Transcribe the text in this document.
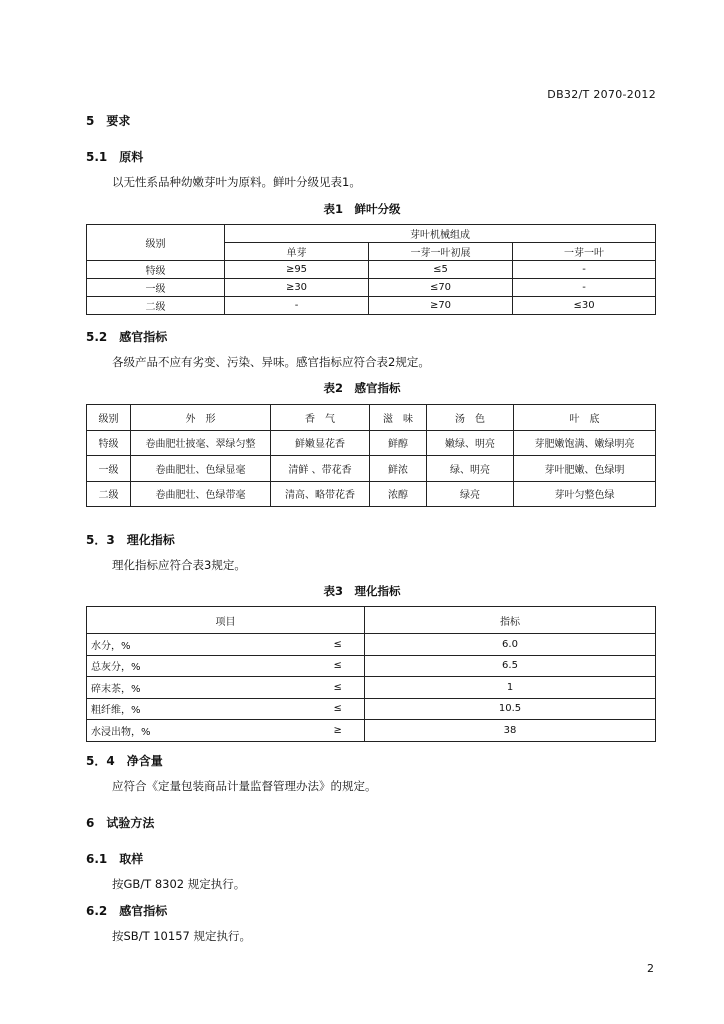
DB32/T 2070-2012
5　要求
5.1　原料
以无性系品种幼嫩芽叶为原料。鲜叶分级见表1。
表1　鲜叶分级
级别	芽叶机械组成		
	单芽	一芽一叶初展	一芽一叶
特级	≥95	≤5	-
一级	≥30	≤70	-
二级	-	≥70	≤30
5.2　感官指标
各级产品不应有劣变、污染、异味。感官指标应符合表2规定。
表2　感官指标
级别	外　形	香　气	滋　味	汤　色	叶　底
特级	卷曲肥壮披毫、翠绿匀整	鲜嫩显花香	鲜醇	嫩绿、明亮	芽肥嫩饱满、嫩绿明亮
一级	卷曲肥壮、色绿显毫	清鲜 、带花香	鲜浓	绿、明亮	芽叶肥嫩、色绿明
二级	卷曲肥壮、色绿带毫	清高、略带花香	浓醇	绿亮	芽叶匀整色绿
5．3　理化指标
理化指标应符合表3规定。
表3　理化指标
项目		指标
水分，%	≤	6.0
总灰分，%	≤	6.5
碎末茶，%	≤	1
粗纤维，%	≤	10.5
水浸出物，%	≥	38
5．4　净含量
应符合《定量包装商品计量监督管理办法》的规定。
6　试验方法
6.1　取样
按GB/T 8302 规定执行。
6.2　感官指标
按SB/T 10157 规定执行。
2
